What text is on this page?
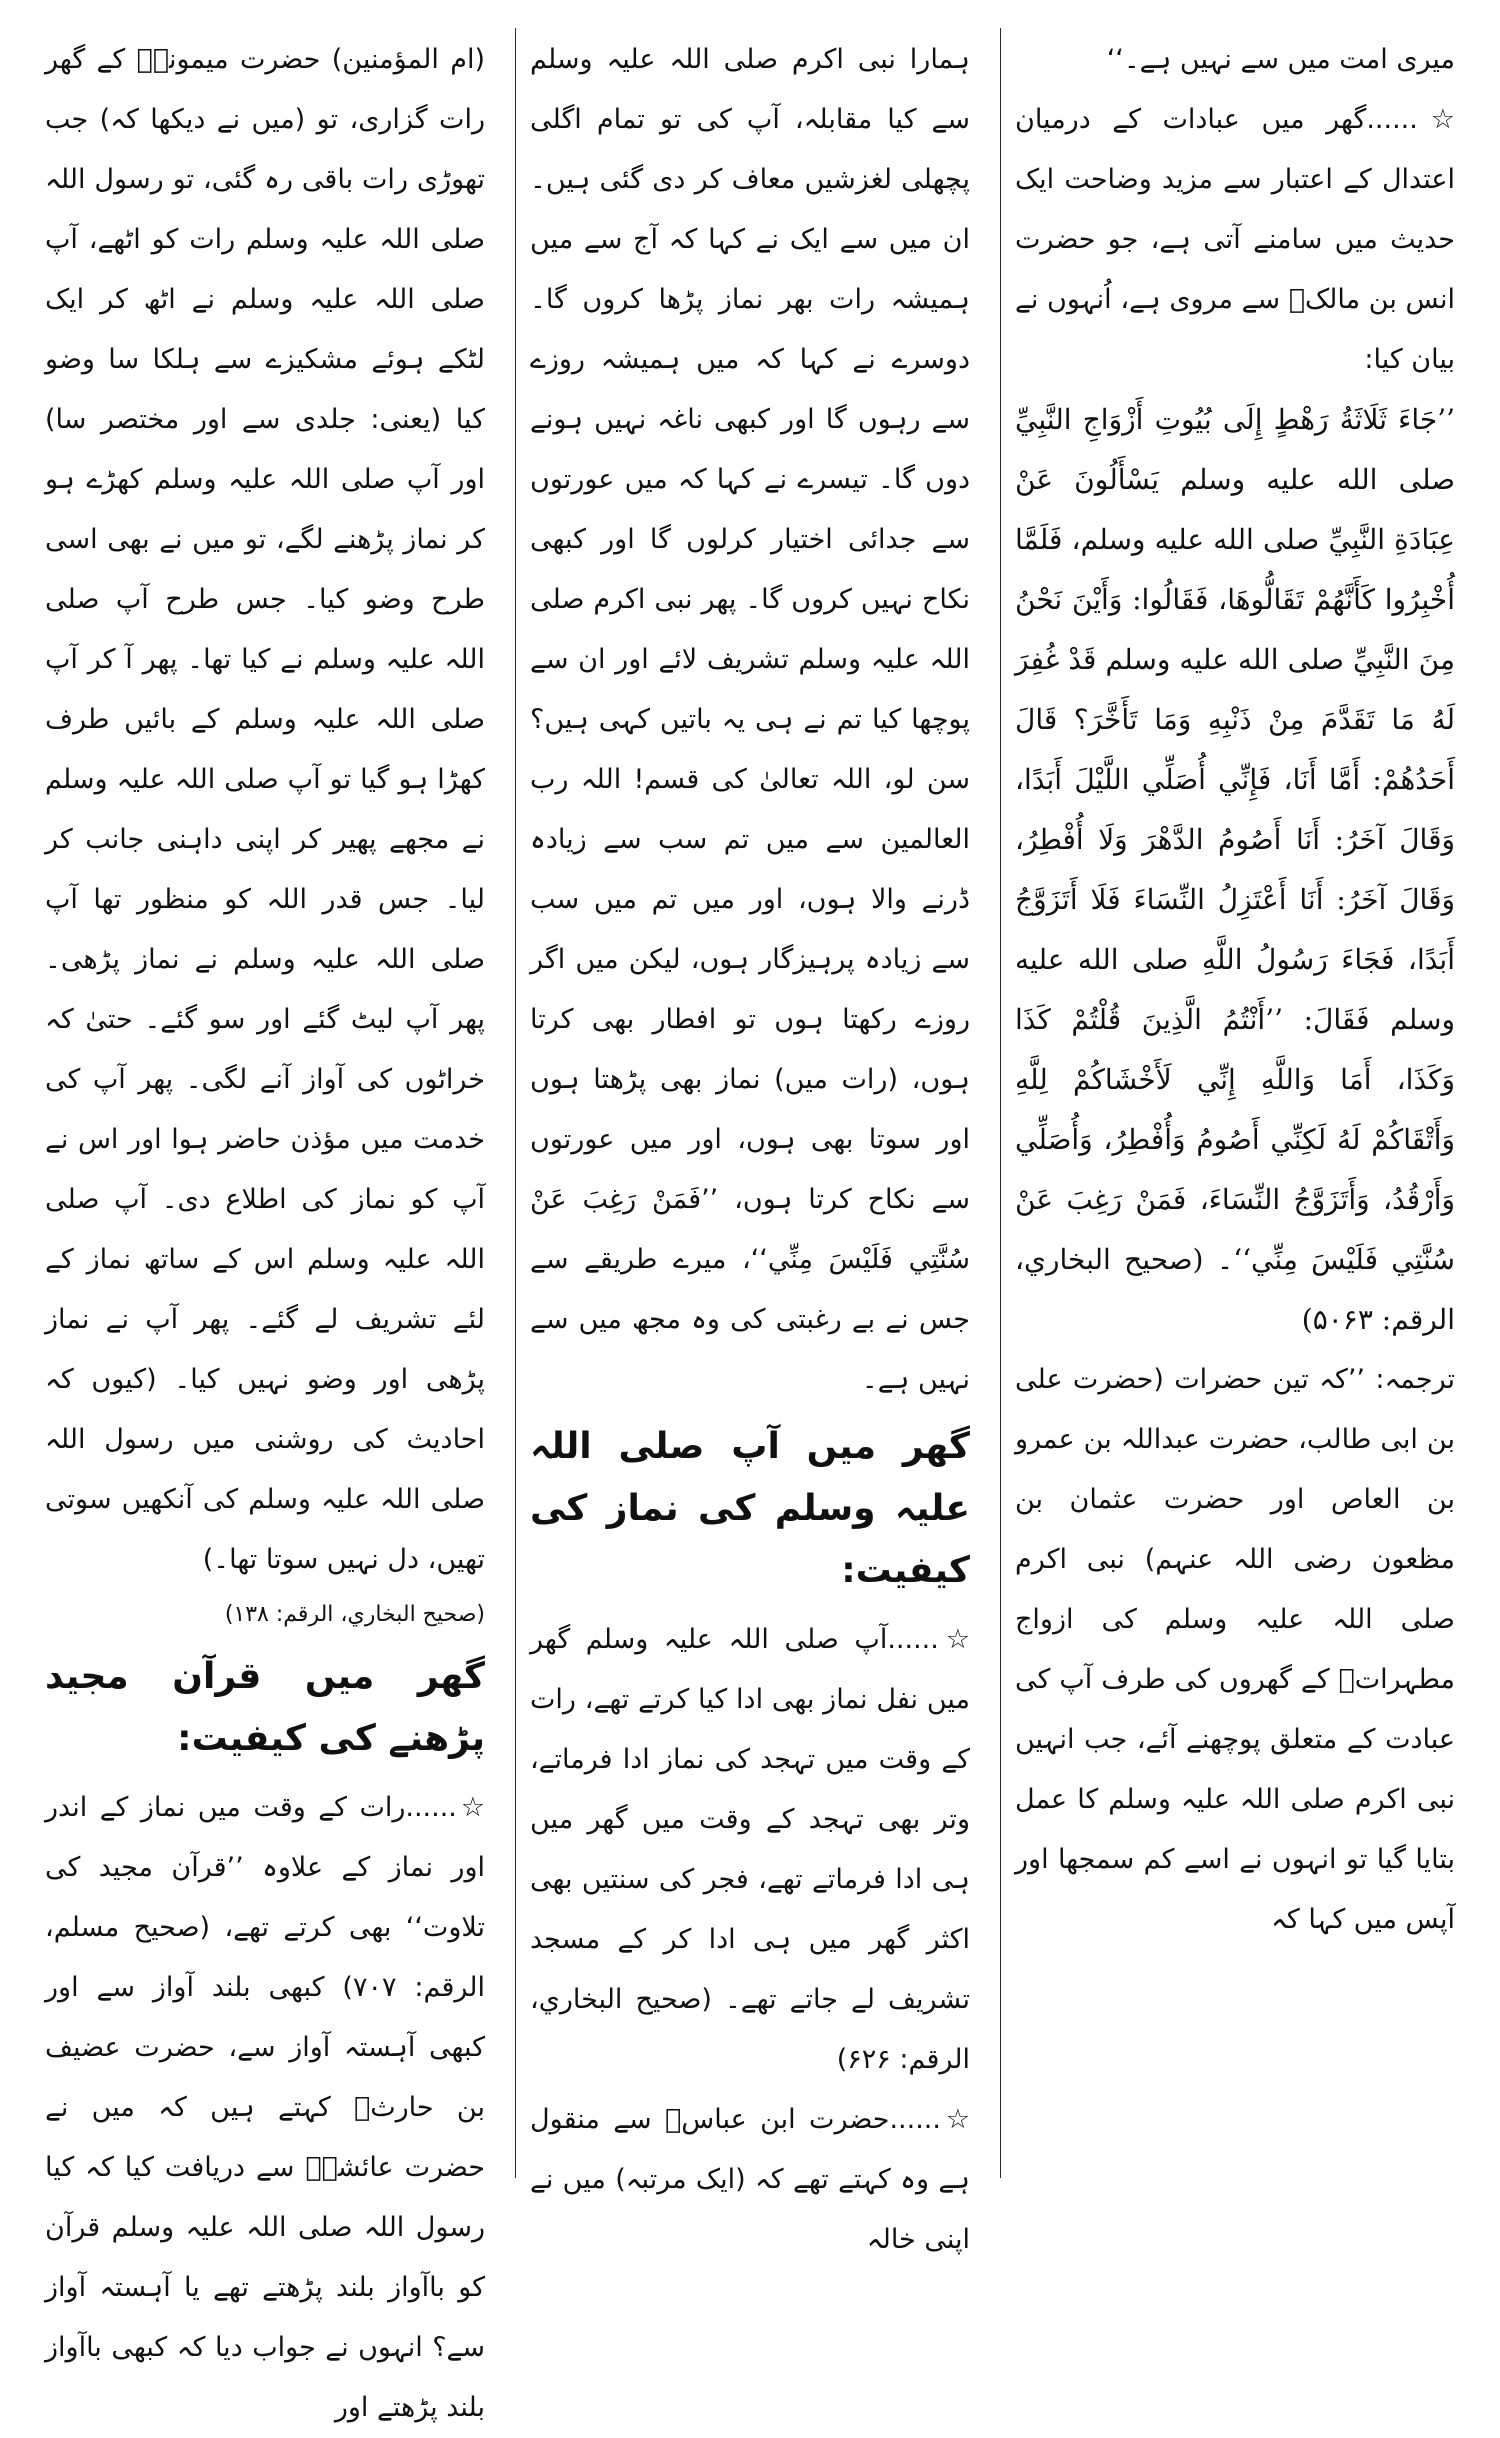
میری امت میں سے نہیں ہے۔‘‘

☆......گھر میں عبادات کے درمیان اعتدال کے اعتبار سے مزید وضاحت ایک حدیث میں سامنے آتی ہے، جو حضرت انس بن مالکؓ سے مروی ہے، اُنہوں نے بیان کیا:

’’جَاءَ ثَلَاثَةُ رَهْطٍ إِلَى بُيُوتِ أَزْوَاجِ النَّبِيِّ صلى الله عليه وسلم يَسْأَلُونَ عَنْ عِبَادَةِ النَّبِيِّ صلى الله عليه وسلم، فَلَمَّا أُخْبِرُوا كَأَنَّهُمْ تَقَالُّوهَا، فَقَالُوا: وَأَيْنَ نَحْنُ مِنَ النَّبِيِّ صلى الله عليه وسلم قَدْ غُفِرَ لَهُ مَا تَقَدَّمَ مِنْ ذَنْبِهِ وَمَا تَأَخَّرَ؟ قَالَ أَحَدُهُمْ: أَمَّا أَنَا، فَإِنِّي أُصَلِّي اللَّيْلَ أَبَدًا، وَقَالَ آخَرُ: أَنَا أَصُومُ الدَّهْرَ وَلَا أُفْطِرُ، وَقَالَ آخَرُ: أَنَا أَعْتَزِلُ النِّسَاءَ فَلَا أَتَزَوَّجُ أَبَدًا، فَجَاءَ رَسُولُ اللَّهِ صلى الله عليه وسلم فَقَالَ: ’’أَنْتُمُ الَّذِينَ قُلْتُمْ كَذَا وَكَذَا، أَمَا وَاللَّهِ إِنِّي لَأَخْشَاكُمْ لِلَّهِ وَأَتْقَاكُمْ لَهُ لَكِنِّي أَصُومُ وَأُفْطِرُ، وَأُصَلِّي وَأَرْقُدُ، وَأَتَزَوَّجُ النِّسَاءَ، فَمَنْ رَغِبَ عَنْ سُنَّتِي فَلَيْسَ مِنِّي‘‘۔ (صحیح البخاري، الرقم: ۵۰۶۳)

ترجمہ: ’’کہ تین حضرات (حضرت علی بن ابی طالب، حضرت عبداللہ بن عمرو بن العاص اور حضرت عثمان بن مظعون رضی اللہ عنہم) نبی اکرم صلی اللہ علیہ وسلم کی ازواج مطہراتؓ کے گھروں کی طرف آپ کی عبادت کے متعلق پوچھنے آئے، جب انہیں نبی اکرم صلی اللہ علیہ وسلم کا عمل بتایا گیا تو انہوں نے اسے کم سمجھا اور آپس میں کہا کہ

ہمارا نبی اکرم صلی اللہ علیہ وسلم سے کیا مقابلہ، آپ کی تو تمام اگلی پچھلی لغزشیں معاف کر دی گئی ہیں۔ ان میں سے ایک نے کہا کہ آج سے میں ہمیشہ رات بھر نماز پڑھا کروں گا۔ دوسرے نے کہا کہ میں ہمیشہ روزے سے رہوں گا اور کبھی ناغہ نہیں ہونے دوں گا۔ تیسرے نے کہا کہ میں عورتوں سے جدائی اختیار کرلوں گا اور کبھی نکاح نہیں کروں گا۔ پھر نبی اکرم صلی اللہ علیہ وسلم تشریف لائے اور ان سے پوچھا کیا تم نے ہی یہ باتیں کہی ہیں؟ سن لو، اللہ تعالیٰ کی قسم! اللہ رب العالمین سے میں تم سب سے زیادہ ڈرنے والا ہوں، اور میں تم میں سب سے زیادہ پرہیزگار ہوں، لیکن میں اگر روزے رکھتا ہوں تو افطار بھی کرتا ہوں، (رات میں) نماز بھی پڑھتا ہوں اور سوتا بھی ہوں، اور میں عورتوں سے نکاح کرتا ہوں، ’’فَمَنْ رَغِبَ عَنْ سُنَّتِي فَلَيْسَ مِنِّي‘‘، میرے طریقے سے جس نے بے رغبتی کی وہ مجھ میں سے نہیں ہے۔

گھر میں آپ صلی اللہ علیہ وسلم کی نماز کی کیفیت:

☆......آپ صلی اللہ علیہ وسلم گھر میں نفل نماز بھی ادا کیا کرتے تھے، رات کے وقت میں تہجد کی نماز ادا فرماتے، وتر بھی تہجد کے وقت میں گھر میں ہی ادا فرماتے تھے، فجر کی سنتیں بھی اکثر گھر میں ہی ادا کر کے مسجد تشریف لے جاتے تھے۔ (صحیح البخاري، الرقم: ۶۲۶)

☆......حضرت ابن عباسؓ سے منقول ہے وہ کہتے تھے کہ (ایک مرتبہ) میں نے اپنی خالہ

(ام المؤمنین) حضرت میمونہؓ کے گھر رات گزاری، تو (میں نے دیکھا کہ) جب تھوڑی رات باقی رہ گئی، تو رسول اللہ صلی اللہ علیہ وسلم رات کو اٹھے، آپ صلی اللہ علیہ وسلم نے اٹھ کر ایک لٹکے ہوئے مشکیزے سے ہلکا سا وضو کیا (یعنی: جلدی سے اور مختصر سا) اور آپ صلی اللہ علیہ وسلم کھڑے ہو کر نماز پڑھنے لگے، تو میں نے بھی اسی طرح وضو کیا۔ جس طرح آپ صلی اللہ علیہ وسلم نے کیا تھا۔ پھر آ کر آپ صلی اللہ علیہ وسلم کے بائیں طرف کھڑا ہو گیا تو آپ صلی اللہ علیہ وسلم نے مجھے پھیر کر اپنی داہنی جانب کر لیا۔ جس قدر اللہ کو منظور تھا آپ صلی اللہ علیہ وسلم نے نماز پڑھی۔ پھر آپ لیٹ گئے اور سو گئے۔ حتیٰ کہ خراٹوں کی آواز آنے لگی۔ پھر آپ کی خدمت میں مؤذن حاضر ہوا اور اس نے آپ کو نماز کی اطلاع دی۔ آپ صلی اللہ علیہ وسلم اس کے ساتھ نماز کے لئے تشریف لے گئے۔ پھر آپ نے نماز پڑھی اور وضو نہیں کیا۔ (کیوں کہ احادیث کی روشنی میں رسول اللہ صلی اللہ علیہ وسلم کی آنکھیں سوتی تھیں، دل نہیں سوتا تھا۔)

(صحیح البخاري، الرقم: ۱۳۸)

گھر میں قرآن مجید پڑھنے کی کیفیت:

☆......رات کے وقت میں نماز کے اندر اور نماز کے علاوہ ’’قرآن مجید کی تلاوت‘‘ بھی کرتے تھے، (صحیح مسلم، الرقم: ۷۰۷) کبھی بلند آواز سے اور کبھی آہستہ آواز سے، حضرت عضیف بن حارثؓ کہتے ہیں کہ میں نے حضرت عائشہؓ سے دریافت کیا کہ کیا رسول اللہ صلی اللہ علیہ وسلم قرآن کو باآواز بلند پڑھتے تھے یا آہستہ آواز سے؟ انہوں نے جواب دیا کہ کبھی باآواز بلند پڑھتے اور
